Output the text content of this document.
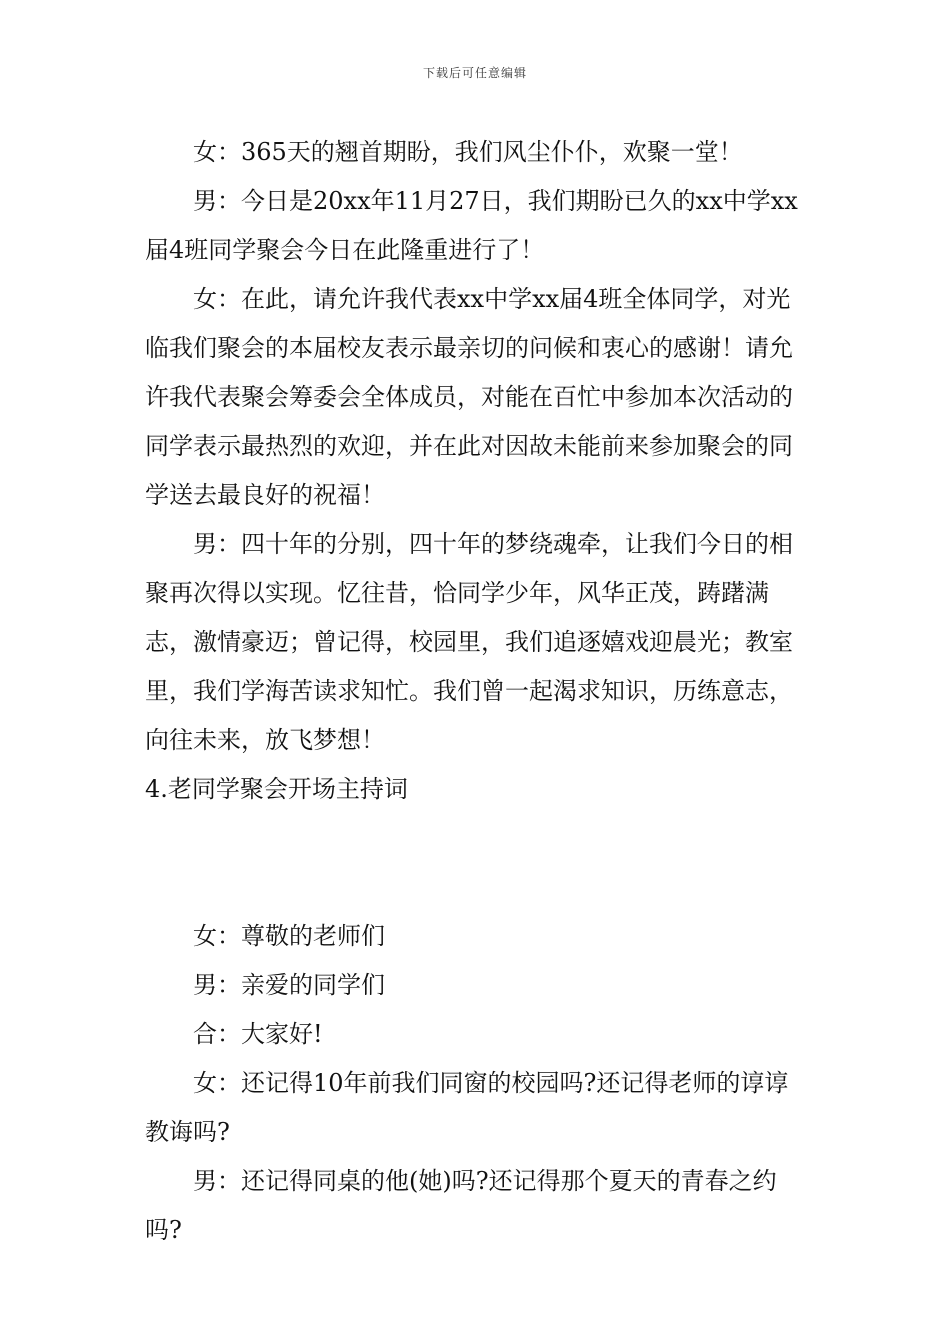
下载后可任意编辑

女：365天的翘首期盼，我们风尘仆仆，欢聚一堂！

男：今日是20xx年11月27日，我们期盼已久的xx中学xx届4班同学聚会今日在此隆重进行了！

女：在此，请允许我代表xx中学xx届4班全体同学，对光临我们聚会的本届校友表示最亲切的问候和衷心的感谢！请允许我代表聚会筹委会全体成员，对能在百忙中参加本次活动的同学表示最热烈的欢迎，并在此对因故未能前来参加聚会的同学送去最良好的祝福！

男：四十年的分别，四十年的梦绕魂牵，让我们今日的相聚再次得以实现。忆往昔，恰同学少年，风华正茂，踌躇满志，激情豪迈；曾记得，校园里，我们追逐嬉戏迎晨光；教室里，我们学海苦读求知忙。我们曾一起渴求知识，历练意志，向往未来，放飞梦想！

4.老同学聚会开场主持词

女：尊敬的老师们

男：亲爱的同学们

合：大家好!

女：还记得10年前我们同窗的校园吗?还记得老师的谆谆教诲吗?

男：还记得同桌的他(她)吗?还记得那个夏天的青春之约吗?
